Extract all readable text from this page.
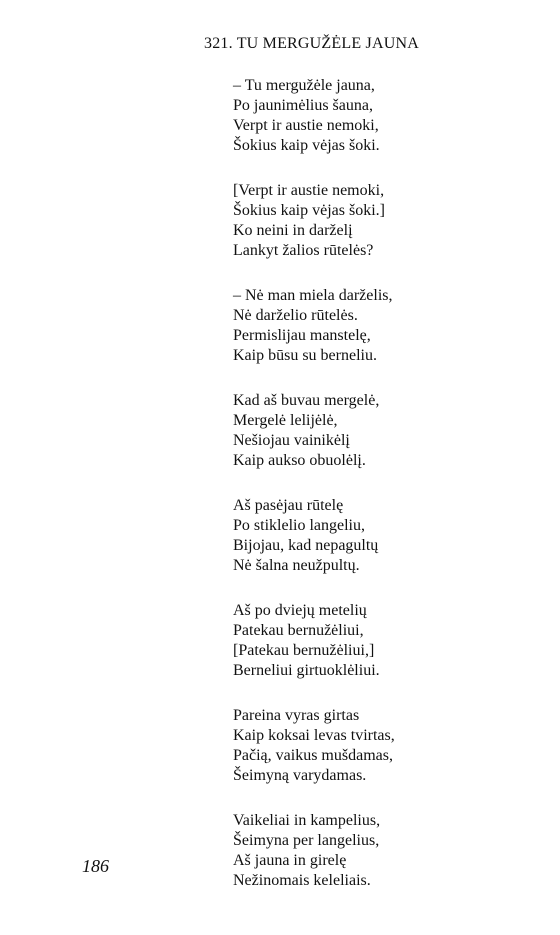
321. TU MERGUŽĖLE JAUNA
– Tu mergužėle jauna,
Po jaunimėlius šauna,
Verpt ir austie nemoki,
Šokius kaip vėjas šoki.
[Verpt ir austie nemoki,
Šokius kaip vėjas šoki.]
Ko neini in darželį
Lankyt žalios rūtelės?
– Nė man miela darželis,
Nė darželio rūtelės.
Permislijau manstelę,
Kaip būsu su berneliu.
Kad aš buvau mergelė,
Mergelė lelijėlė,
Nešiojau vainikėlį
Kaip aukso obuolėlį.
Aš pasėjau rūtelę
Po stiklelio langeliu,
Bijojau, kad nepagultų
Nė šalna neužpultų.
Aš po dviejų metelių
Patekau bernužėliui,
[Patekau bernužėliui,]
Berneliui girtuoklėliui.
Pareina vyras girtas
Kaip koksai levas tvirtas,
Pačią, vaikus mušdamas,
Šeimyną varydamas.
Vaikeliai in kampelius,
Šeimyna per langelius,
Aš jauna in girelę
Nežinomais keleliais.
186
